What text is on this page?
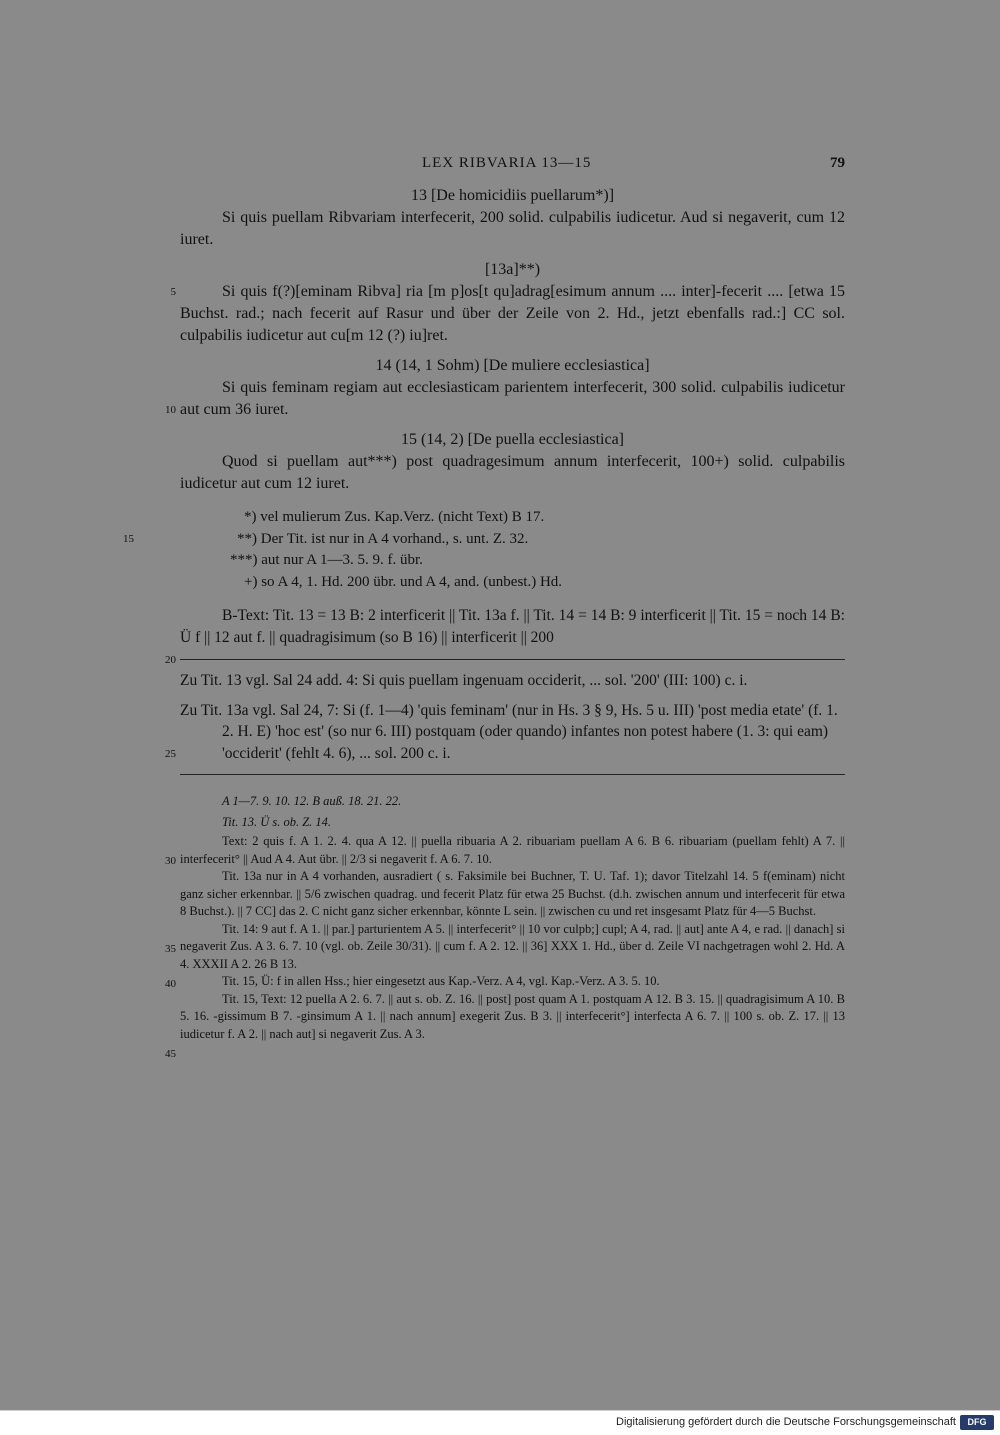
LEX RIBVARIA 13—15	79

13 [De homicidiis puellarum*)]

Si quis puellam Ribvariam interfecerit, 200 solid. culpabilis iudicetur. Aud si negaverit, cum 12 iuret.

[13a]**)

5	Si quis f(?)[eminam Ribva] ria [m p]os[t qu]adrag[esimum annum .... inter]-fecerit .... [etwa 15 Buchst. rad.; nach fecerit auf Rasur und über der Zeile von 2. Hd., jetzt ebenfalls rad.:] CC sol. culpabilis iudicetur aut cu[m 12 (?) iu]ret.

14 (14, 1 Sohm) [De muliere ecclesiastica]

10

Si quis feminam regiam aut ecclesiasticam parientem interfecerit, 300 solid. culpabilis iudicetur aut cum 36 iuret.

15 (14, 2) [De puella ecclesiastica]

Quod si puellam aut***) post quadragesimum annum interfecerit, 100+) solid. culpabilis iudicetur aut cum 12 iuret.

15

*) vel mulierum Zus. Kap.Verz. (nicht Text) B 17.

**) Der Tit. ist nur in A 4 vorhand., s. unt. Z. 32.

***) aut nur A 1—3. 5. 9. f. übr.

+) so A 4, 1. Hd. 200 übr. und A 4, and. (unbest.) Hd.

20

B-Text: Tit. 13 = 13 B: 2 interficerit || Tit. 13a f. || Tit. 14 = 14 B: 9 interficerit || Tit. 15 = noch 14 B: Ü f || 12 aut f. || quadragisimum (so B 16) || interficerit || 200

Zu Tit. 13 vgl. Sal 24 add. 4: Si quis puellam ingenuam occiderit, ... sol. '200' (III: 100) c. i.

25

Zu Tit. 13a vgl. Sal 24, 7: Si (f. 1—4) 'quis feminam' (nur in Hs. 3 § 9, Hs. 5 u. III) 'post media etate' (f. 1. 2. H. E) 'hoc est' (so nur 6. III) postquam (oder quando) infantes non potest habere (1. 3: qui eam) 'occiderit' (fehlt 4. 6), ... sol. 200 c. i.

A 1—7. 9. 10. 12. B auß. 18. 21. 22.

Tit. 13. Ü s. ob. Z. 14.

30

Text: 2 quis f. A 1. 2. 4. qua A 12. || puella ribuaria A 2. ribuariam puellam A 6. B 6. ribuariam (puellam fehlt) A 7. || interfecerit° || Aud A 4. Aut übr. || 2/3 si negaverit f. A 6. 7. 10.

35

Tit. 13a nur in A 4 vorhanden, ausradiert ( s. Faksimile bei Buchner, T. U. Taf. 1); davor Titelzahl 14. 5 f(eminam) nicht ganz sicher erkennbar. || 5/6 zwischen quadrag. und fecerit Platz für etwa 25 Buchst. (d.h. zwischen annum und interfecerit für etwa 8 Buchst.). || 7 CC] das 2. C nicht ganz sicher erkennbar, könnte L sein. || zwischen cu und ret insgesamt Platz für 4—5 Buchst.

40

Tit. 14: 9 aut f. A 1. || par.] parturientem A 5. || interfecerit° || 10 vor culpb;] cupl; A 4, rad. || aut] ante A 4, e rad. || danach] si negaverit Zus. A 3. 6. 7. 10 (vgl. ob. Zeile 30/31). || cum f. A 2. 12. || 36] XXX 1. Hd., über d. Zeile VI nachgetragen wohl 2. Hd. A 4. XXXII A 2. 26 B 13.

Tit. 15, Ü: f in allen Hss.; hier eingesetzt aus Kap.-Verz. A 4, vgl. Kap.-Verz. A 3. 5. 10.

45

Tit. 15, Text: 12 puella A 2. 6. 7. || aut s. ob. Z. 16. || post] post quam A 1. postquam A 12. B 3. 15. || quadragisimum A 10. B 5. 16. -gissimum B 7. -ginsimum A 1. || nach annum] exegerit Zus. B 3. || interfecerit°] interfecta A 6. 7. || 100 s. ob. Z. 17. || 13 iudicetur f. A 2. || nach aut] si negaverit Zus. A 3.

Digitalisierung gefördert durch die Deutsche Forschungsgemeinschaft	DFG
